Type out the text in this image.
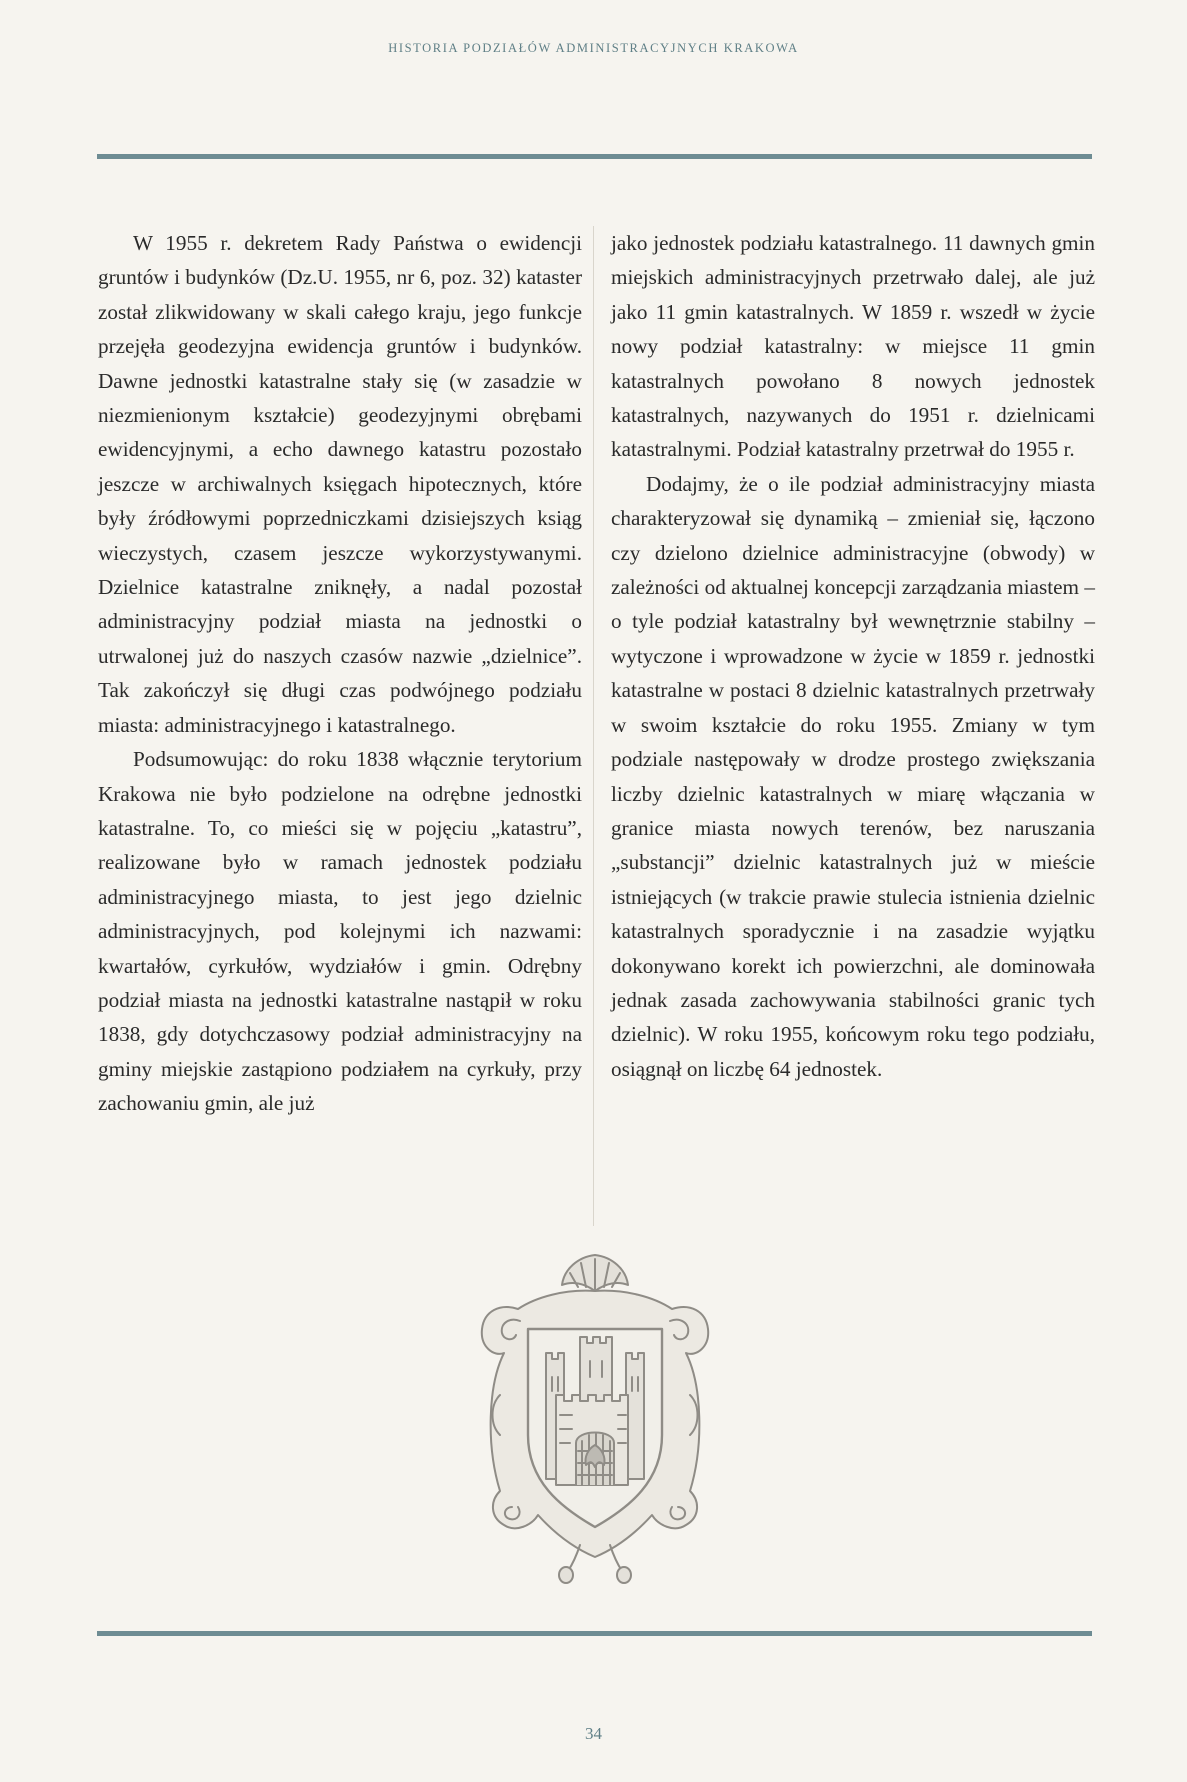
HISTORIA PODZIAŁÓW ADMINISTRACYJNYCH KRAKOWA

W 1955 r. dekretem Rady Państwa o ewidencji gruntów i budynków (Dz.U. 1955, nr 6, poz. 32) kataster został zlikwidowany w skali całego kraju, jego funkcje przejęła geodezyjna ewidencja gruntów i budynków. Dawne jednostki katastralne stały się (w zasadzie w niezmienionym kształcie) geodezyjnymi obrębami ewidencyjnymi, a echo dawnego katastru pozostało jeszcze w archiwalnych księgach hipotecznych, które były źródłowymi poprzedniczkami dzisiejszych ksiąg wieczystych, czasem jeszcze wykorzystywanymi. Dzielnice katastralne zniknęły, a nadal pozostał administracyjny podział miasta na jednostki o utrwalonej już do naszych czasów nazwie „dzielnice”. Tak zakończył się długi czas podwójnego podziału miasta: administracyjnego i katastralnego.

Podsumowując: do roku 1838 włącznie terytorium Krakowa nie było podzielone na odrębne jednostki katastralne. To, co mieści się w pojęciu „katastru”, realizowane było w ramach jednostek podziału administracyjnego miasta, to jest jego dzielnic administracyjnych, pod kolejnymi ich nazwami: kwartałów, cyrkułów, wydziałów i gmin. Odrębny podział miasta na jednostki katastralne nastąpił w roku 1838, gdy dotychczasowy podział administracyjny na gminy miejskie zastąpiono podziałem na cyrkuły, przy zachowaniu gmin, ale już

jako jednostek podziału katastralnego. 11 dawnych gmin miejskich administracyjnych przetrwało dalej, ale już jako 11 gmin katastralnych. W 1859 r. wszedł w życie nowy podział katastralny: w miejsce 11 gmin katastralnych powołano 8 nowych jednostek katastralnych, nazywanych do 1951 r. dzielnicami katastralnymi. Podział katastralny przetrwał do 1955 r.

Dodajmy, że o ile podział administracyjny miasta charakteryzował się dynamiką – zmieniał się, łączono czy dzielono dzielnice administracyjne (obwody) w zależności od aktualnej koncepcji zarządzania miastem – o tyle podział katastralny był wewnętrznie stabilny – wytyczone i wprowadzone w życie w 1859 r. jednostki katastralne w postaci 8 dzielnic katastralnych przetrwały w swoim kształcie do roku 1955. Zmiany w tym podziale następowały w drodze prostego zwiększania liczby dzielnic katastralnych w miarę włączania w granice miasta nowych terenów, bez naruszania „substancji” dzielnic katastralnych już w mieście istniejących (w trakcie prawie stulecia istnienia dzielnic katastralnych sporadycznie i na zasadzie wyjątku dokonywano korekt ich powierzchni, ale dominowała jednak zasada zachowywania stabilności granic tych dzielnic). W roku 1955, końcowym roku tego podziału, osiągnął on liczbę 64 jednostek.

34
